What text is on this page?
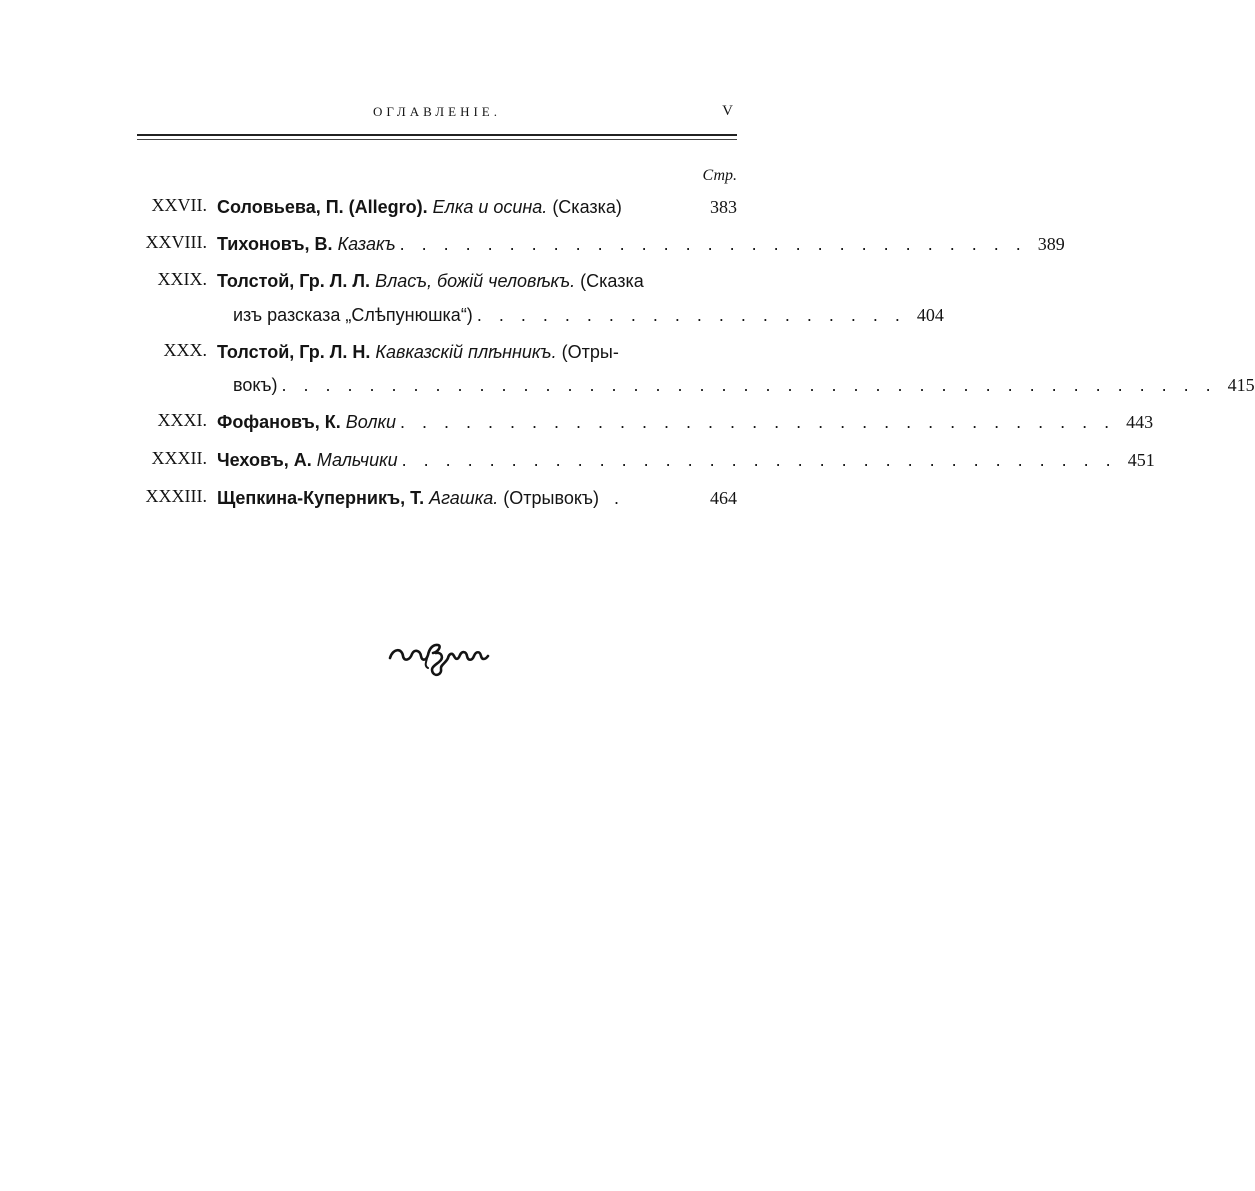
ОГЛАВЛЕНІЕ.	V
Стр.
XXVII. Соловьева, П. (Allegro).
Елка и осина.
(Сказка)	383
XXVIII. Тихоновъ, В.
Казакъ . . . . . . . . . . . . . . . . . . . . . . . . . . . . . 389
XXIX. Толстой, Гр. Л. Л.
Власъ, божій человѣкъ.
(Сказка
изъ разсказа „Слѣпунюшка“) . . . . . . . . . . . . . . . . . . . . 404
XXX. Толстой, Гр. Л. Н.
Кавказскій плѣнникъ.
(Отры-
вокъ) . . . . . . . . . . . . . . . . . . . . . . . . . . . . . . . . . . . . . . . . . . . 415
XXXI. Фофановъ, К.
Волки . . . . . . . . . . . . . . . . . . . . . . . . . . . . . . . . . 443
XXXII. Чеховъ, А.
Мальчики . . . . . . . . . . . . . . . . . . . . . . . . . . . . . . . . . 451
XXXIII. Щепкина-Куперникъ, Т.
Агашка.
(Отрывокъ) .	464
